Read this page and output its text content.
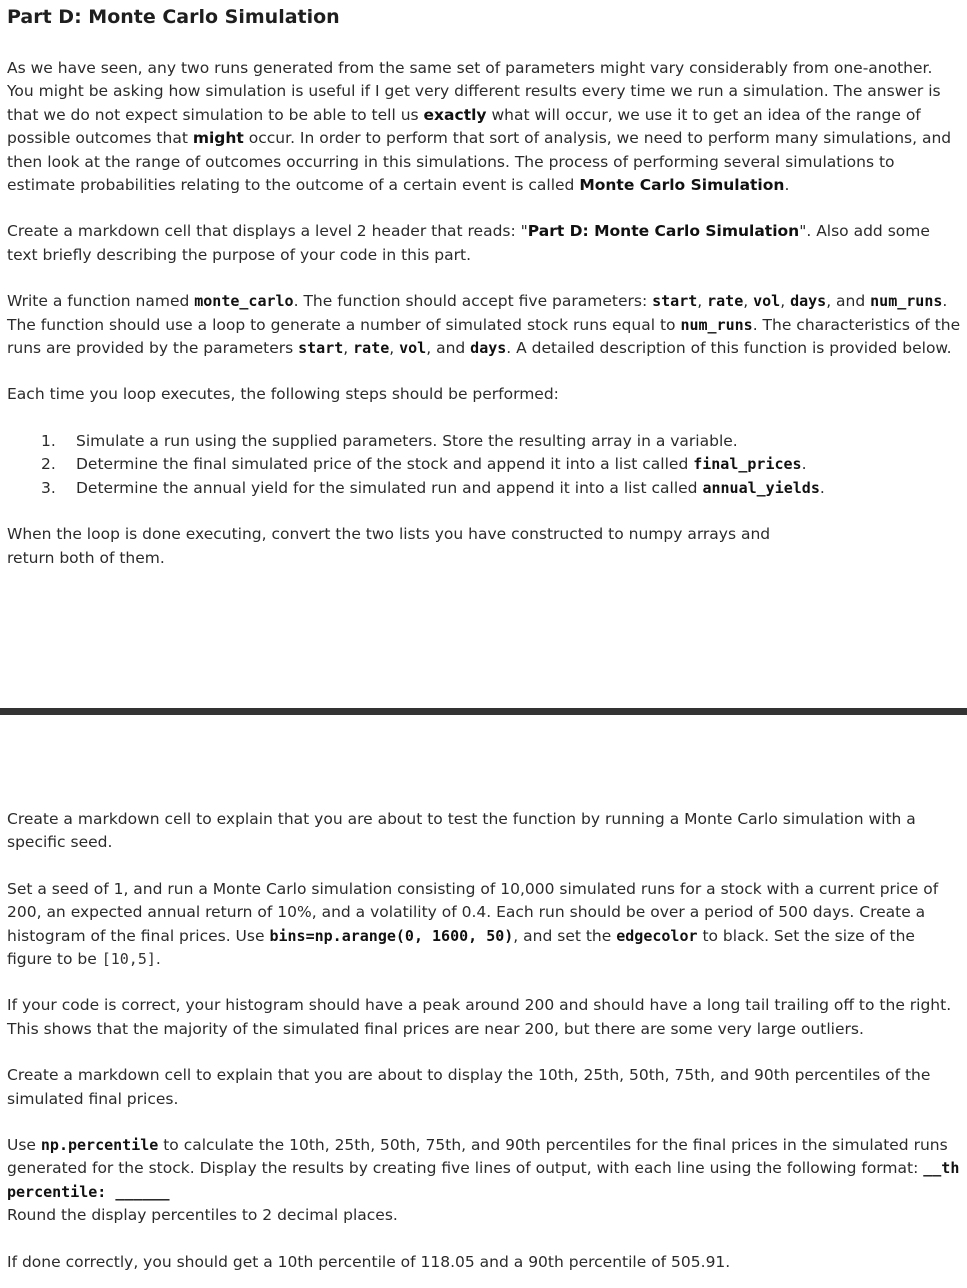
Part D: Monte Carlo Simulation

As we have seen, any two runs generated from the same set of parameters might vary considerably from one-another. You might be asking how simulation is useful if I get very different results every time we run a simulation. The answer is that we do not expect simulation to be able to tell us exactly what will occur, we use it to get an idea of the range of possible outcomes that might occur. In order to perform that sort of analysis, we need to perform many simulations, and then look at the range of outcomes occurring in this simulations. The process of performing several simulations to estimate probabilities relating to the outcome of a certain event is called Monte Carlo Simulation.

Create a markdown cell that displays a level 2 header that reads: "Part D: Monte Carlo Simulation". Also add some text briefly describing the purpose of your code in this part.

Write a function named monte_carlo. The function should accept five parameters: start, rate, vol, days, and num_runs. The function should use a loop to generate a number of simulated stock runs equal to num_runs. The characteristics of the runs are provided by the parameters start, rate, vol, and days. A detailed description of this function is provided below.

Each time you loop executes, the following steps should be performed:

1. Simulate a run using the supplied parameters. Store the resulting array in a variable.
2. Determine the final simulated price of the stock and append it into a list called final_prices.
3. Determine the annual yield for the simulated run and append it into a list called annual_yields.

When the loop is done executing, convert the two lists you have constructed to numpy arrays and return both of them.

Create a markdown cell to explain that you are about to test the function by running a Monte Carlo simulation with a specific seed.

Set a seed of 1, and run a Monte Carlo simulation consisting of 10,000 simulated runs for a stock with a current price of 200, an expected annual return of 10%, and a volatility of 0.4. Each run should be over a period of 500 days. Create a histogram of the final prices. Use bins=np.arange(0, 1600, 50), and set the edgecolor to black. Set the size of the figure to be [10,5].

If your code is correct, your histogram should have a peak around 200 and should have a long tail trailing off to the right. This shows that the majority of the simulated final prices are near 200, but there are some very large outliers.

Create a markdown cell to explain that you are about to display the 10th, 25th, 50th, 75th, and 90th percentiles of the simulated final prices.

Use np.percentile to calculate the 10th, 25th, 50th, 75th, and 90th percentiles for the final prices in the simulated runs generated for the stock. Display the results by creating five lines of output, with each line using the following format: __th percentile: ______

Round the display percentiles to 2 decimal places.

If done correctly, you should get a 10th percentile of 118.05 and a 90th percentile of 505.91.
